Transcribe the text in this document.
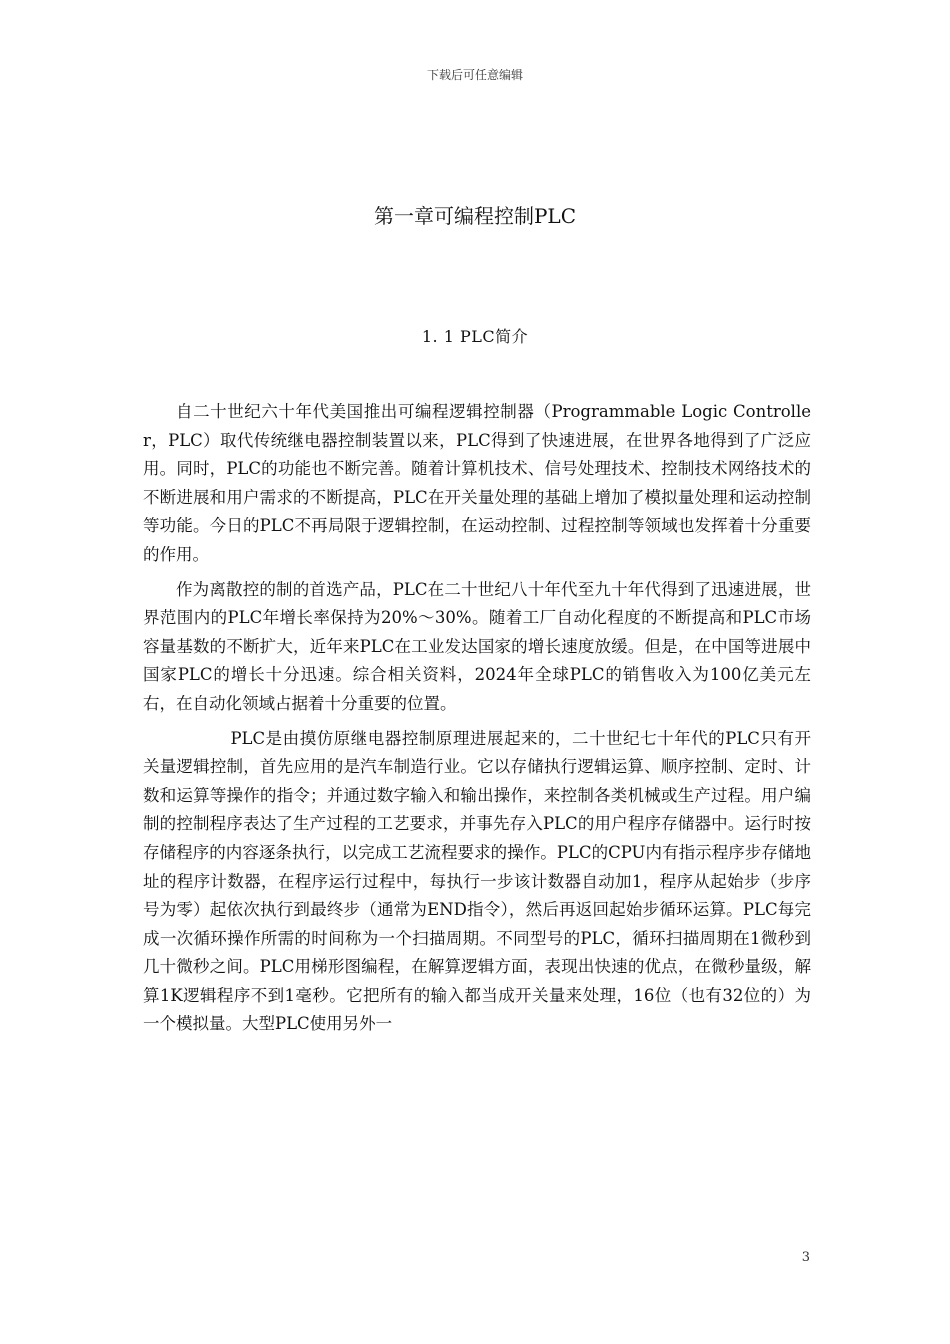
下载后可任意编辑
第一章可编程控制PLC
1. 1 PLC简介

自二十世纪六十年代美国推出可编程逻辑控制器（Programmable Logic Controller，PLC）取代传统继电器控制装置以来，PLC得到了快速进展，在世界各地得到了广泛应用。同时，PLC的功能也不断完善。随着计算机技术、信号处理技术、控制技术网络技术的不断进展和用户需求的不断提高，PLC在开关量处理的基础上增加了模拟量处理和运动控制等功能。今日的PLC不再局限于逻辑控制，在运动控制、过程控制等领域也发挥着十分重要的作用。

作为离散控的制的首选产品，PLC在二十世纪八十年代至九十年代得到了迅速进展，世界范围内的PLC年增长率保持为20%～30%。随着工厂自动化程度的不断提高和PLC市场容量基数的不断扩大，近年来PLC在工业发达国家的增长速度放缓。但是，在中国等进展中国家PLC的增长十分迅速。综合相关资料，2024年全球PLC的销售收入为100亿美元左右，在自动化领域占据着十分重要的位置。

PLC是由摸仿原继电器控制原理进展起来的，二十世纪七十年代的PLC只有开关量逻辑控制，首先应用的是汽车制造行业。它以存储执行逻辑运算、顺序控制、定时、计数和运算等操作的指令；并通过数字输入和输出操作，来控制各类机械或生产过程。用户编制的控制程序表达了生产过程的工艺要求，并事先存入PLC的用户程序存储器中。运行时按存储程序的内容逐条执行，以完成工艺流程要求的操作。PLC的CPU内有指示程序步存储地址的程序计数器，在程序运行过程中，每执行一步该计数器自动加1，程序从起始步（步序号为零）起依次执行到最终步（通常为END指令），然后再返回起始步循环运算。PLC每完成一次循环操作所需的时间称为一个扫描周期。不同型号的PLC，循环扫描周期在1微秒到几十微秒之间。PLC用梯形图编程，在解算逻辑方面，表现出快速的优点，在微秒量级，解算1K逻辑程序不到1毫秒。它把所有的输入都当成开关量来处理，16位（也有32位的）为一个模拟量。大型PLC使用另外一

3
